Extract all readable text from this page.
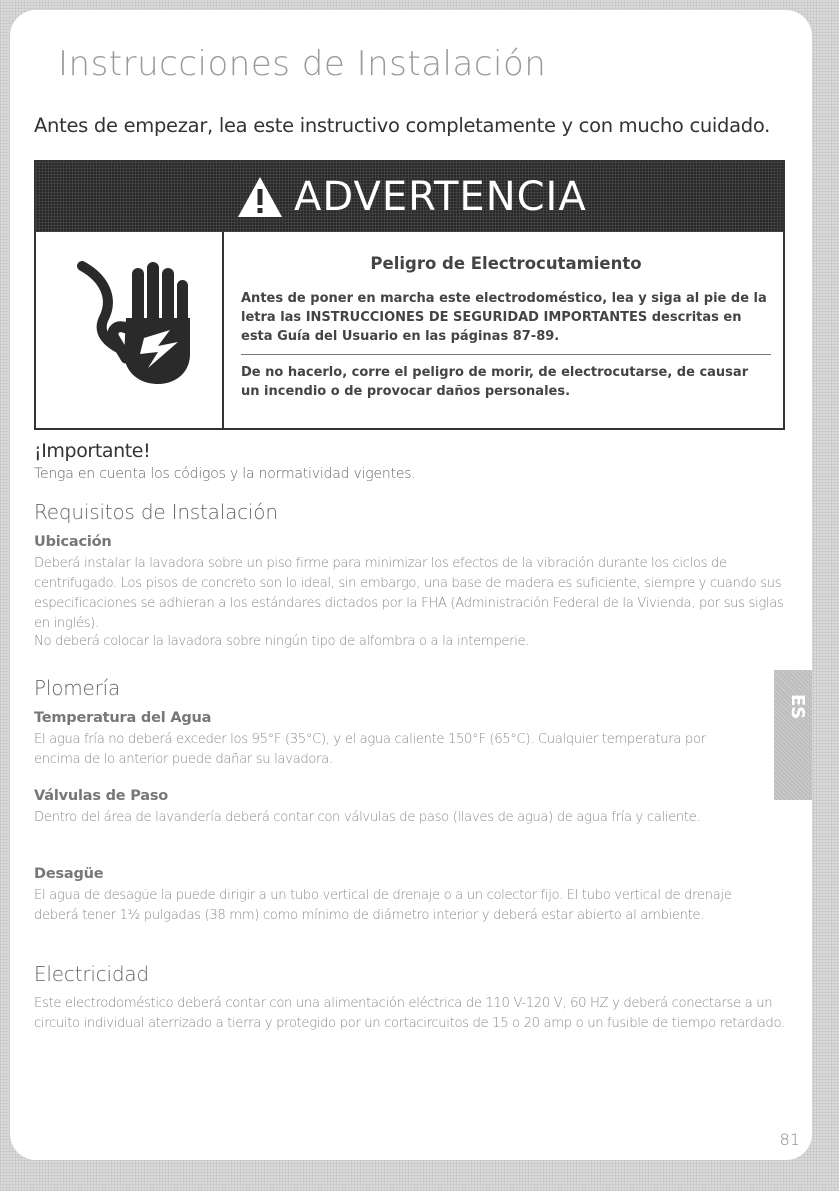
Instrucciones de Instalación

Antes de empezar, lea este instructivo completamente y con mucho cuidado.

ADVERTENCIA

Peligro de Electrocutamiento

Antes de poner en marcha este electrodoméstico, lea y siga al pie de la letra las INSTRUCCIONES DE SEGURIDAD IMPORTANTES descritas en esta Guía del Usuario en las páginas 87-89.

De no hacerlo, corre el peligro de morir, de electrocutarse, de causar un incendio o de provocar daños personales.

¡Importante!

Tenga en cuenta los códigos y la normatividad vigentes.

Requisitos de Instalación
Ubicación

Deberá instalar la lavadora sobre un piso firme para minimizar los efectos de la vibración durante los ciclos de centrifugado. Los pisos de concreto son lo ideal, sin embargo, una base de madera es suficiente, siempre y cuando sus especificaciones se adhieran a los estándares dictados por la FHA (Administración Federal de la Vivienda, por sus siglas en inglés).

No deberá colocar la lavadora sobre ningún tipo de alfombra o a la intemperie.

Plomería
Temperatura del Agua

El agua fría no deberá exceder los 95°F (35°C), y el agua caliente 150°F (65°C). Cualquier temperatura por encima de lo anterior puede dañar su lavadora.

Válvulas de Paso

Dentro del área de lavandería deberá contar con válvulas de paso (llaves de agua) de agua fría y caliente.

Desagüe

El agua de desagüe la puede dirigir a un tubo vertical de drenaje o a un colector fijo. El tubo vertical de drenaje deberá tener 1½ pulgadas (38 mm) como mínimo de diámetro interior y deberá estar abierto al ambiente.

Electricidad

Este electrodoméstico deberá contar con una alimentación eléctrica de 110 V-120 V, 60 HZ y deberá conectarse a un circuito individual aterrizado a tierra y protegido por un cortacircuitos de 15 o 20 amp o un fusible de tiempo retardado.

ES

81
